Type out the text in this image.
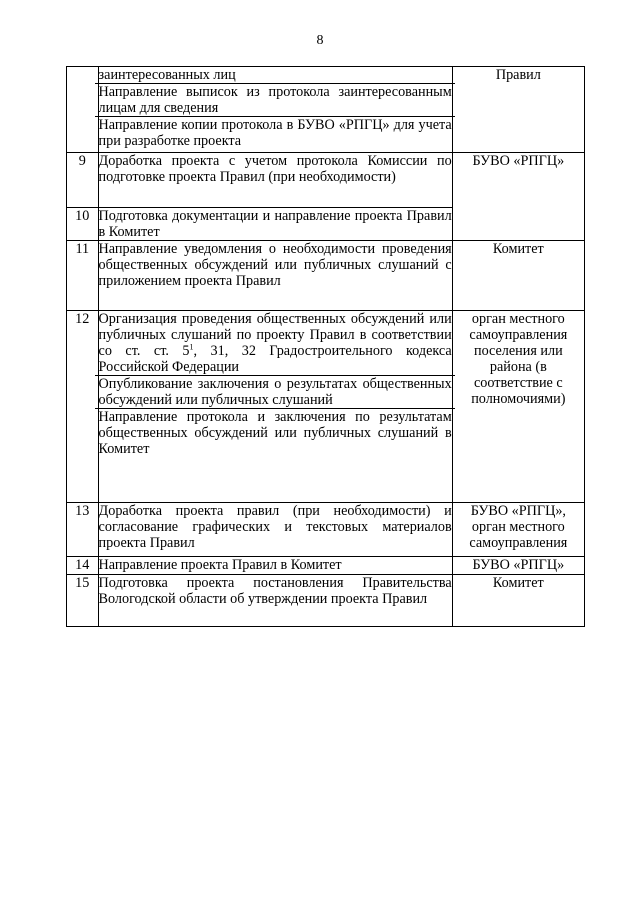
8

	заинтересованных лиц
Направление выписок из протокола заинтересованным лицам для сведения
Направление копии протокола в БУВО «РПГЦ» для учета при разработке проекта	Правил
9	Доработка проекта с учетом протокола Комиссии по подготовке проекта Правил (при необходимости)	БУВО «РПГЦ»
10	Подготовка документации и направление проекта Правил в Комитет	

11	Направление уведомления о необходимости проведения общественных обсуждений или публичных слушаний с приложением проекта Правил	Комитет
12	Организация проведения общественных обсуждений или публичных слушаний по проекту Правил в соответствии со ст. ст. $5^1$, 31, 32 Градостроительного кодекса Российской Федерации
Опубликование заключения о результатах общественных обсуждений или публичных слушаний
Направление протокола и заключения по результатам общественных обсуждений или публичных слушаний в Комитет	орган местного самоуправления поселения или района (в соответствие с полномочиями)
13	Доработка проекта правил (при необходимости) и согласование графических и текстовых материалов проекта Правил	БУВО «РПГЦ», орган местного самоуправления
14	Направление проекта Правил в Комитет	БУВО «РПГЦ»
15	Подготовка проекта постановления Правительства Вологодской области об утверждении проекта Правил	Комитет
